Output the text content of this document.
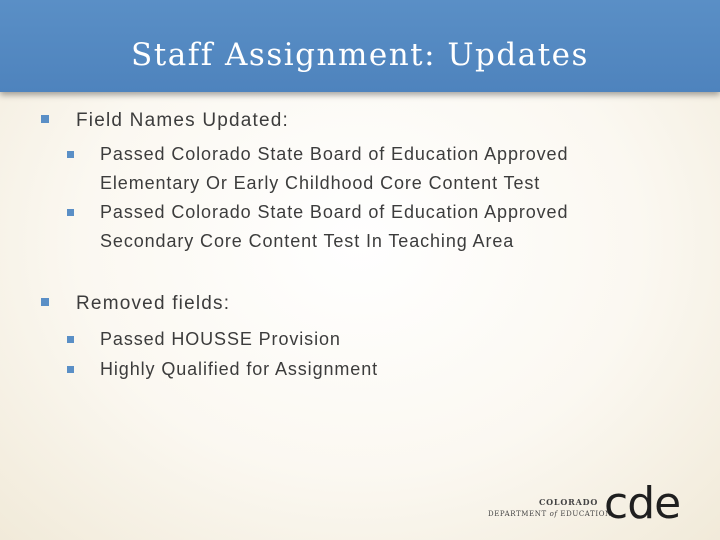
Staff Assignment: Updates
Field Names Updated:
Passed Colorado State Board of Education Approved Elementary Or Early Childhood Core Content Test
Passed Colorado State Board of Education Approved Secondary Core Content Test In Teaching Area
Removed fields:
Passed HOUSSE Provision
Highly Qualified for Assignment
COLORADO
DEPARTMENT of EDUCATION
cde
